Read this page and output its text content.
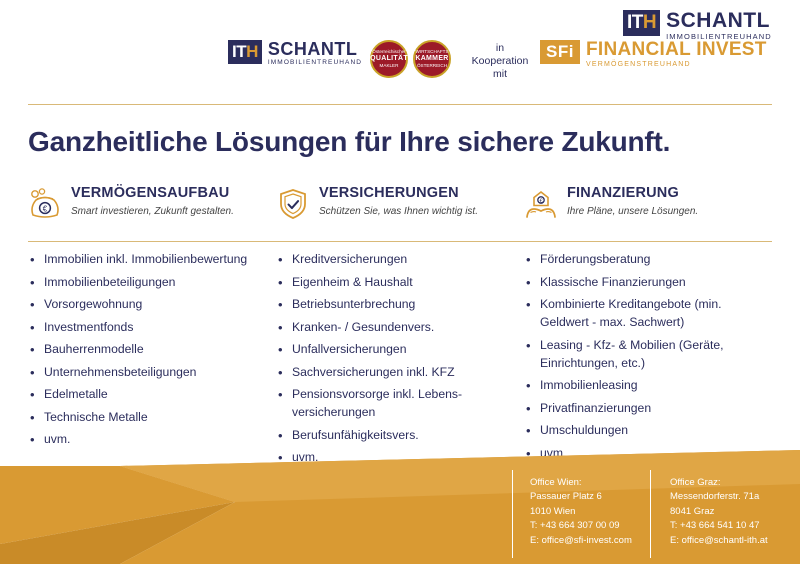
ITH SCHANTL
IMMOBILIENTREUHAND
ITH SCHANTL
IMMOBILIENTREUHAND
Österreichischer
QUALITÄT
MAKLER
WIRTSCHAFTS
KAMMER
ÖSTERREICH
in Kooperation mit
SFi FINANCIAL INVEST
VERMÖGENSTREUHAND
Ganzheitliche Lösungen für Ihre sichere Zukunft.
€
VERMÖGENSAUFBAU
Smart investieren, Zukunft gestalten.
VERSICHERUNGEN
Schützen Sie, was Ihnen wichtig ist.
€
FINANZIERUNG
Ihre Pläne, unsere Lösungen.
• Immobilien inkl. Immobilienbewertung
• Immobilienbeteiligungen
• Vorsorgewohnung
• Investmentfonds
• Bauherrenmodelle
• Unternehmensbeteiligungen
• Edelmetalle
• Technische Metalle
• uvm.
• Kreditversicherungen
• Eigenheim & Haushalt
• Betriebsunterbrechung
• Kranken- / Gesundenvers.
• Unfallversicherungen
• Sachversicherungen inkl. KFZ
• Pensionsvorsorge inkl. Lebens-versicherungen
• Berufsunfähigkeitsvers.
• uvm.
• Förderungsberatung
• Klassische Finanzierungen
• Kombinierte Kreditangebote (min. Geldwert - max. Sachwert)
• Leasing - Kfz- & Mobilien (Geräte, Einrichtungen, etc.)
• Immobilienleasing
• Privatfinanzierungen
• Umschuldungen
• uvm.
Office Wien:
Passauer Platz 6
1010 Wien
T: +43 664 307 00 09
E: office@sfi-invest.com
Office Graz:
Messendorferstr. 71a
8041 Graz
T: +43 664 541 10 47
E: office@schantl-ith.at
